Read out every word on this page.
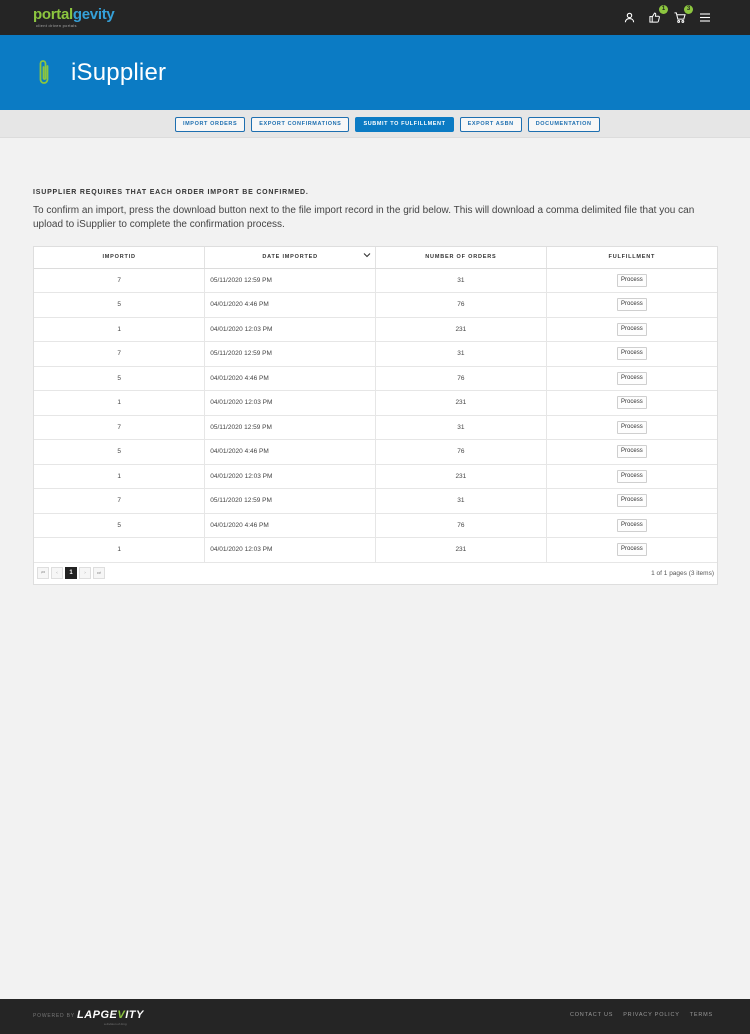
portalgevity
client driven portals
1	3
iSupplier
IMPORT ORDERS	EXPORT CONFIRMATIONS	SUBMIT TO FULFILLMENT	EXPORT ASBN	DOCUMENTATION
ISUPPLIER REQUIRES THAT EACH ORDER IMPORT BE CONFIRMED.

To confirm an import, press the download button next to the file import record in the grid below. This will download a comma delimited file that you can upload to iSupplier to complete the confirmation process.

IMPORTID	DATE IMPORTED	NUMBER OF ORDERS	FULFILLMENT
7	05/11/2020 12:59 PM	31	Process
5	04/01/2020 4:46 PM	76	Process
1	04/01/2020 12:03 PM	231	Process
7	05/11/2020 12:59 PM	31	Process
5	04/01/2020 4:46 PM	76	Process
1	04/01/2020 12:03 PM	231	Process
7	05/11/2020 12:59 PM	31	Process
5	04/01/2020 4:46 PM	76	Process
1	04/01/2020 12:03 PM	231	Process
7	05/11/2020 12:59 PM	31	Process
5	04/01/2020 4:46 PM	76	Process
1	04/01/2020 12:03 PM	231	Process
⏮	‹	1	›	⏭	1 of 1 pages (3 items)
POWERED BY LAPGEVITY
a division of dmg
CONTACT US PRIVACY POLICY TERMS
